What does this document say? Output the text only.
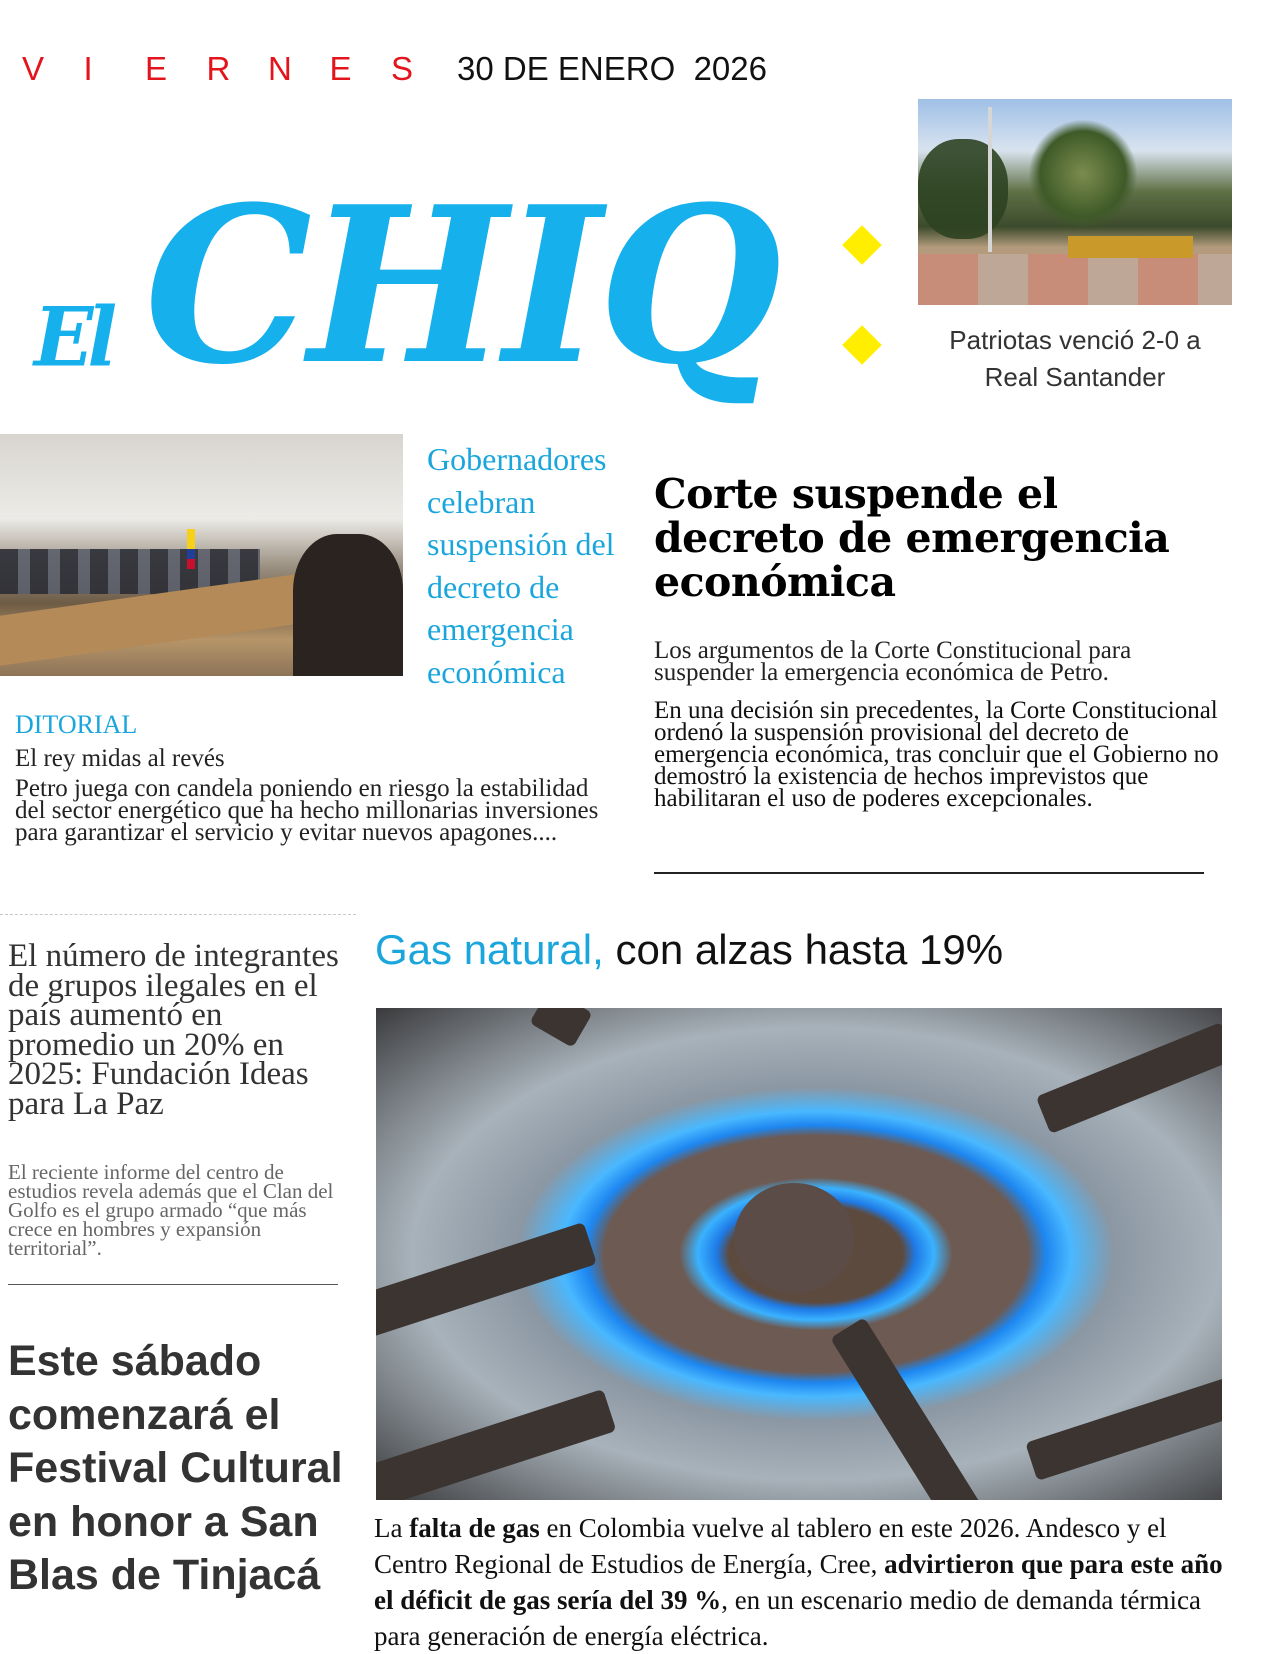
V	I	E	R	N	E	S	30 DE ENERO  2026
El CHIQ	Patriotas venció 2-0 a
Real Santander
Gobernadores celebran suspensión del decreto de emergencia económica
Corte suspende el decreto de emergencia económica
Los argumentos de la Corte Constitucional para suspender la emergencia económica de Petro.
En una decisión sin precedentes, la Corte Constitucional ordenó la suspensión provisional del decreto de emergencia económica, tras concluir que el Gobierno no demostró la existencia de hechos imprevistos que habilitaran el uso de poderes excepcionales.
DITORIAL
El rey midas al revés
Petro juega con candela poniendo en riesgo la estabilidad del sector energético que ha hecho millonarias inversiones para garantizar el servicio y evitar nuevos apagones....
El número de integrantes de grupos ilegales en el país aumentó en promedio un 20% en 2025: Fundación Ideas para La Paz
El reciente informe del centro de estudios revela además que el Clan del Golfo es el grupo armado “que más crece en hombres y expansión territorial”.
Este sábado comenzará el Festival Cultural en honor a San Blas de Tinjacá
Gas natural, con alzas hasta 19%
La falta de gas en Colombia vuelve al tablero en este 2026. Andesco y el Centro Regional de Estudios de Energía, Cree, advirtieron que para este año el déficit de gas sería del 39 %, en un escenario medio de demanda térmica para generación de energía eléctrica.
